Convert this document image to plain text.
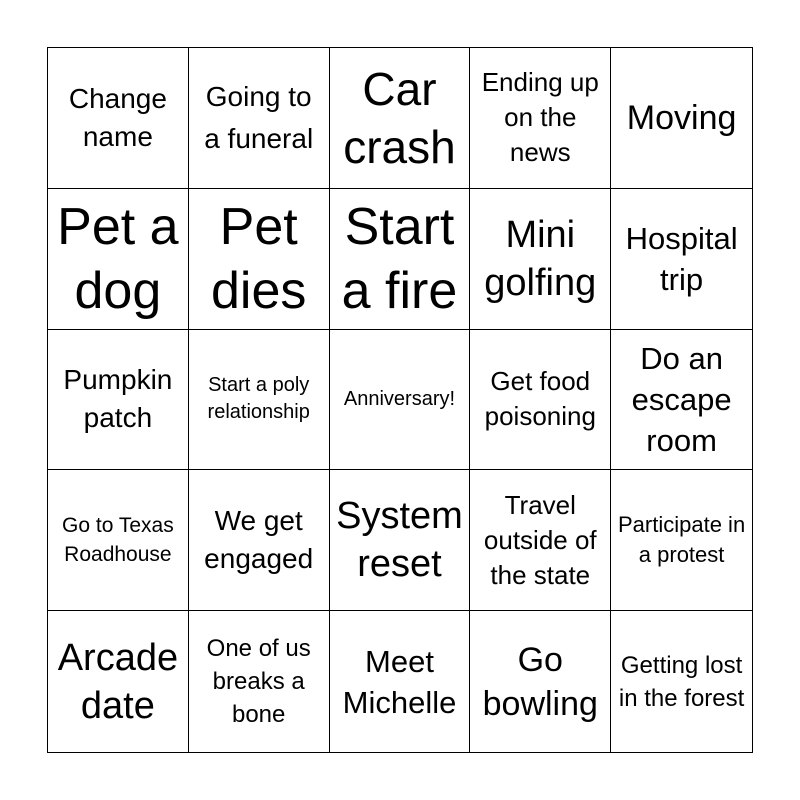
Change name
Going to a funeral
Car crash
Ending up on the news
Moving
Pet a dog
Pet dies
Start a fire
Mini golfing
Hospital trip
Pumpkin patch
Start a poly relationship
Anniversary!
Get food poisoning
Do an escape room
Go to Texas Roadhouse
We get engaged
System reset
Travel outside of the state
Participate in a protest
Arcade date
One of us breaks a bone
Meet Michelle
Go bowling
Getting lost in the forest
